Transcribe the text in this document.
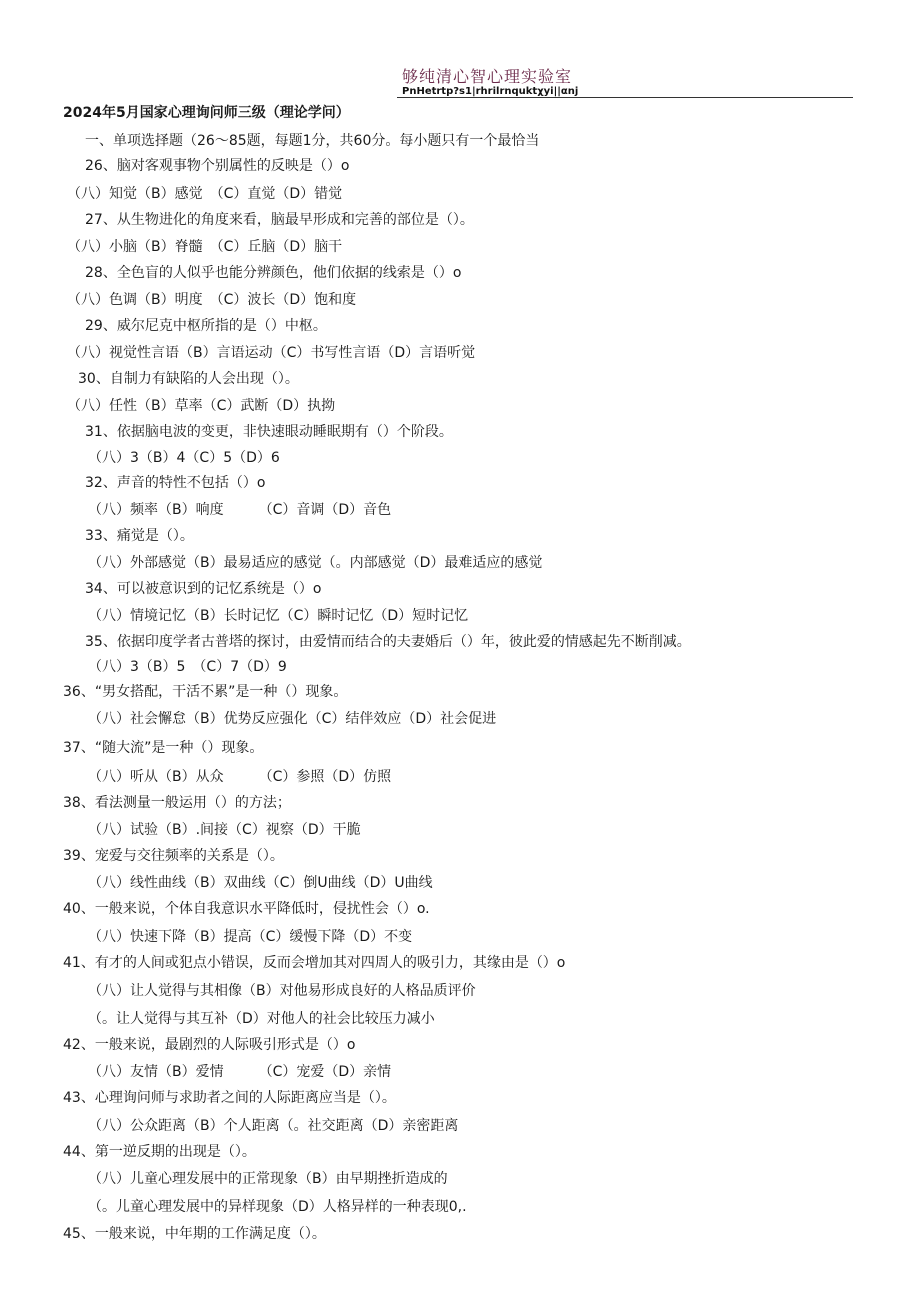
够纯清心智心理实验室
PnHetrtp?s1|rhrilrnquktχyi||αnj
2024年5月国家心理询问师三级（理论学问）
一、单项选择题（26～85题，每题1分，共60分。每小题只有一个最恰当
26、脑对客观事物个别属性的反映是（）o
（八）知觉（B）感觉　（C）直觉（D）错觉
27、从生物进化的角度来看，脑最早形成和完善的部位是（）。
（八）小脑（B）脊髓　（C）丘脑（D）脑干
28、全色盲的人似乎也能分辨颜色，他们依据的线索是（）o
（八）色调（B）明度　（C）波长（D）饱和度
29、威尔尼克中枢所指的是（）中枢。
（八）视觉性言语（B）言语运动（C）书写性言语（D）言语听觉
30、自制力有缺陷的人会出现（）。
（八）任性（B）草率（C）武断（D）执拗
31、依据脑电波的变更，非快速眼动睡眠期有（）个阶段。
（八）3（B）4（C）5（D）6
32、声音的特性不包括（）o
（八）频率（B）响度　　　（C）音调（D）音色
33、痛觉是（）。
（八）外部感觉（B）最易适应的感觉（。内部感觉（D）最难适应的感觉
34、可以被意识到的记忆系统是（）o
（八）情境记忆（B）长时记忆（C）瞬时记忆（D）短时记忆
35、依据印度学者古普塔的探讨，由爱情而结合的夫妻婚后（）年，彼此爱的情感起先不断削减。
（八）3（B）5　（C）7（D）9
36、“男女搭配，干活不累”是一种（）现象。
（八）社会懈怠（B）优势反应强化（C）结伴效应（D）社会促进
37、“随大流”是一种（）现象。
（八）听从（B）从众　　　（C）参照（D）仿照
38、看法测量一般运用（）的方法；
（八）试验（B）.间接（C）视察（D）干脆
39、宠爱与交往频率的关系是（）。
（八）线性曲线（B）双曲线（C）倒U曲线（D）U曲线
40、一般来说，个体自我意识水平降低时，侵扰性会（）o.
（八）快速下降（B）提高（C）缓慢下降（D）不变
41、有才的人间或犯点小错误，反而会增加其对四周人的吸引力，其缘由是（）o
（八）让人觉得与其相像（B）对他易形成良好的人格品质评价
（。让人觉得与其互补（D）对他人的社会比较压力减小
42、一般来说，最剧烈的人际吸引形式是（）o
（八）友情（B）爱情　　　（C）宠爱（D）亲情
43、心理询问师与求助者之间的人际距离应当是（）。
（八）公众距离（B）个人距离（。社交距离（D）亲密距离
44、第一逆反期的出现是（）。
（八）儿童心理发展中的正常现象（B）由早期挫折造成的
（。儿童心理发展中的异样现象（D）人格异样的一种表现0,.
45、一般来说，中年期的工作满足度（）。
